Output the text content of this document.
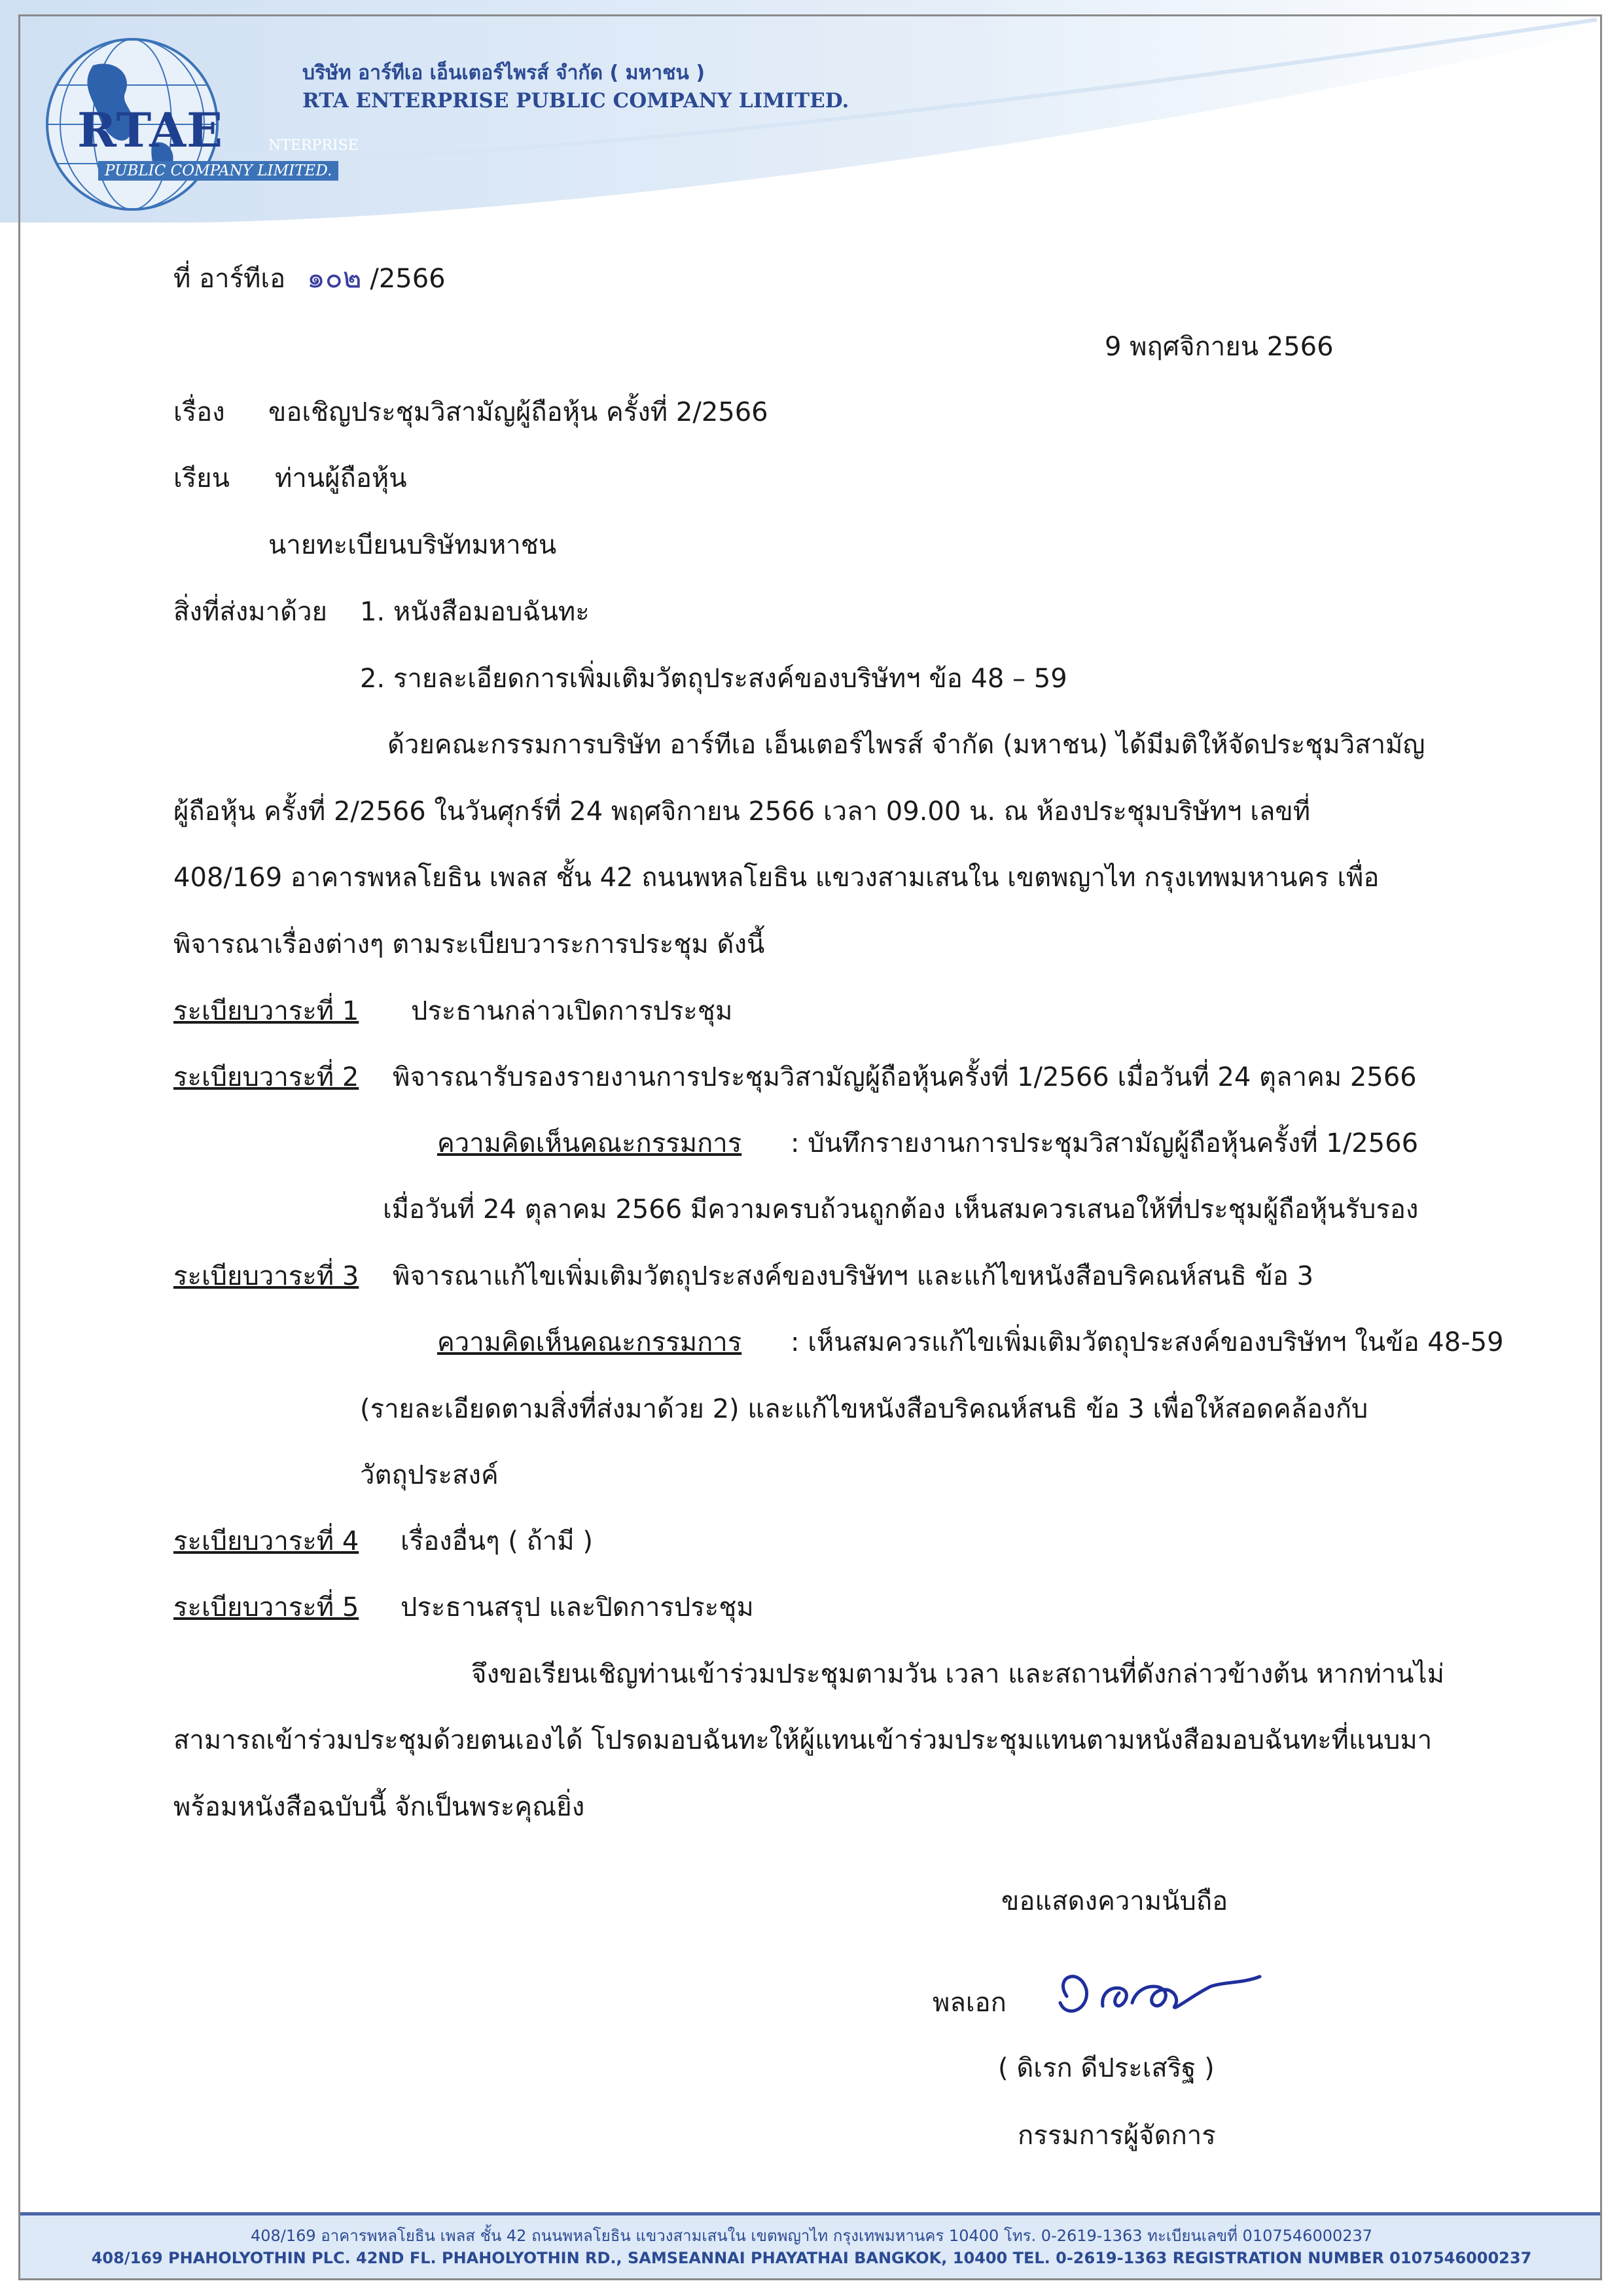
RTAE	NTERPRISE
PUBLIC COMPANY LIMITED.
บริษัท อาร์ทีเอ เอ็นเตอร์ไพรส์ จำกัด ( มหาชน )
RTA ENTERPRISE PUBLIC COMPANY LIMITED.
ที่ อาร์ทีเอ ๑๐๒ /2566
9 พฤศจิกายน 2566
เรื่อง ขอเชิญประชุมวิสามัญผู้ถือหุ้น ครั้งที่ 2/2566
เรียน ท่านผู้ถือหุ้น
นายทะเบียนบริษัทมหาชน
สิ่งที่ส่งมาด้วย 1. หนังสือมอบฉันทะ
2. รายละเอียดการเพิ่มเติมวัตถุประสงค์ของบริษัทฯ ข้อ 48 – 59
ด้วยคณะกรรมการบริษัท อาร์ทีเอ เอ็นเตอร์ไพรส์ จำกัด (มหาชน) ได้มีมติให้จัดประชุมวิสามัญ
ผู้ถือหุ้น ครั้งที่ 2/2566 ในวันศุกร์ที่ 24 พฤศจิกายน 2566 เวลา 09.00 น. ณ ห้องประชุมบริษัทฯ เลขที่
408/169 อาคารพหลโยธิน เพลส ชั้น 42 ถนนพหลโยธิน แขวงสามเสนใน เขตพญาไท กรุงเทพมหานคร เพื่อ
พิจารณาเรื่องต่างๆ ตามระเบียบวาระการประชุม ดังนี้
ระเบียบวาระที่ 1 ประธานกล่าวเปิดการประชุม
ระเบียบวาระที่ 2 พิจารณารับรองรายงานการประชุมวิสามัญผู้ถือหุ้นครั้งที่ 1/2566 เมื่อวันที่ 24 ตุลาคม 2566
ความคิดเห็นคณะกรรมการ : บันทึกรายงานการประชุมวิสามัญผู้ถือหุ้นครั้งที่ 1/2566
เมื่อวันที่ 24 ตุลาคม 2566 มีความครบถ้วนถูกต้อง เห็นสมควรเสนอให้ที่ประชุมผู้ถือหุ้นรับรอง
ระเบียบวาระที่ 3 พิจารณาแก้ไขเพิ่มเติมวัตถุประสงค์ของบริษัทฯ และแก้ไขหนังสือบริคณห์สนธิ ข้อ 3
ความคิดเห็นคณะกรรมการ : เห็นสมควรแก้ไขเพิ่มเติมวัตถุประสงค์ของบริษัทฯ ในข้อ 48-59
(รายละเอียดตามสิ่งที่ส่งมาด้วย 2) และแก้ไขหนังสือบริคณห์สนธิ ข้อ 3 เพื่อให้สอดคล้องกับ
วัตถุประสงค์
ระเบียบวาระที่ 4 เรื่องอื่นๆ ( ถ้ามี )
ระเบียบวาระที่ 5 ประธานสรุป และปิดการประชุม
จึงขอเรียนเชิญท่านเข้าร่วมประชุมตามวัน เวลา และสถานที่ดังกล่าวข้างต้น หากท่านไม่
สามารถเข้าร่วมประชุมด้วยตนเองได้ โปรดมอบฉันทะให้ผู้แทนเข้าร่วมประชุมแทนตามหนังสือมอบฉันทะที่แนบมา
พร้อมหนังสือฉบับนี้ จักเป็นพระคุณยิ่ง
ขอแสดงความนับถือ
พลเอก
( ดิเรก ดีประเสริฐ )
กรรมการผู้จัดการ
408/169 อาคารพหลโยธิน เพลส ชั้น 42 ถนนพหลโยธิน แขวงสามเสนใน เขตพญาไท กรุงเทพมหานคร 10400 โทร. 0-2619-1363 ทะเบียนเลขที่ 0107546000237
408/169 PHAHOLYOTHIN PLC. 42ND FL. PHAHOLYOTHIN RD., SAMSEANNAI PHAYATHAI BANGKOK, 10400 TEL. 0-2619-1363 REGISTRATION NUMBER 0107546000237
